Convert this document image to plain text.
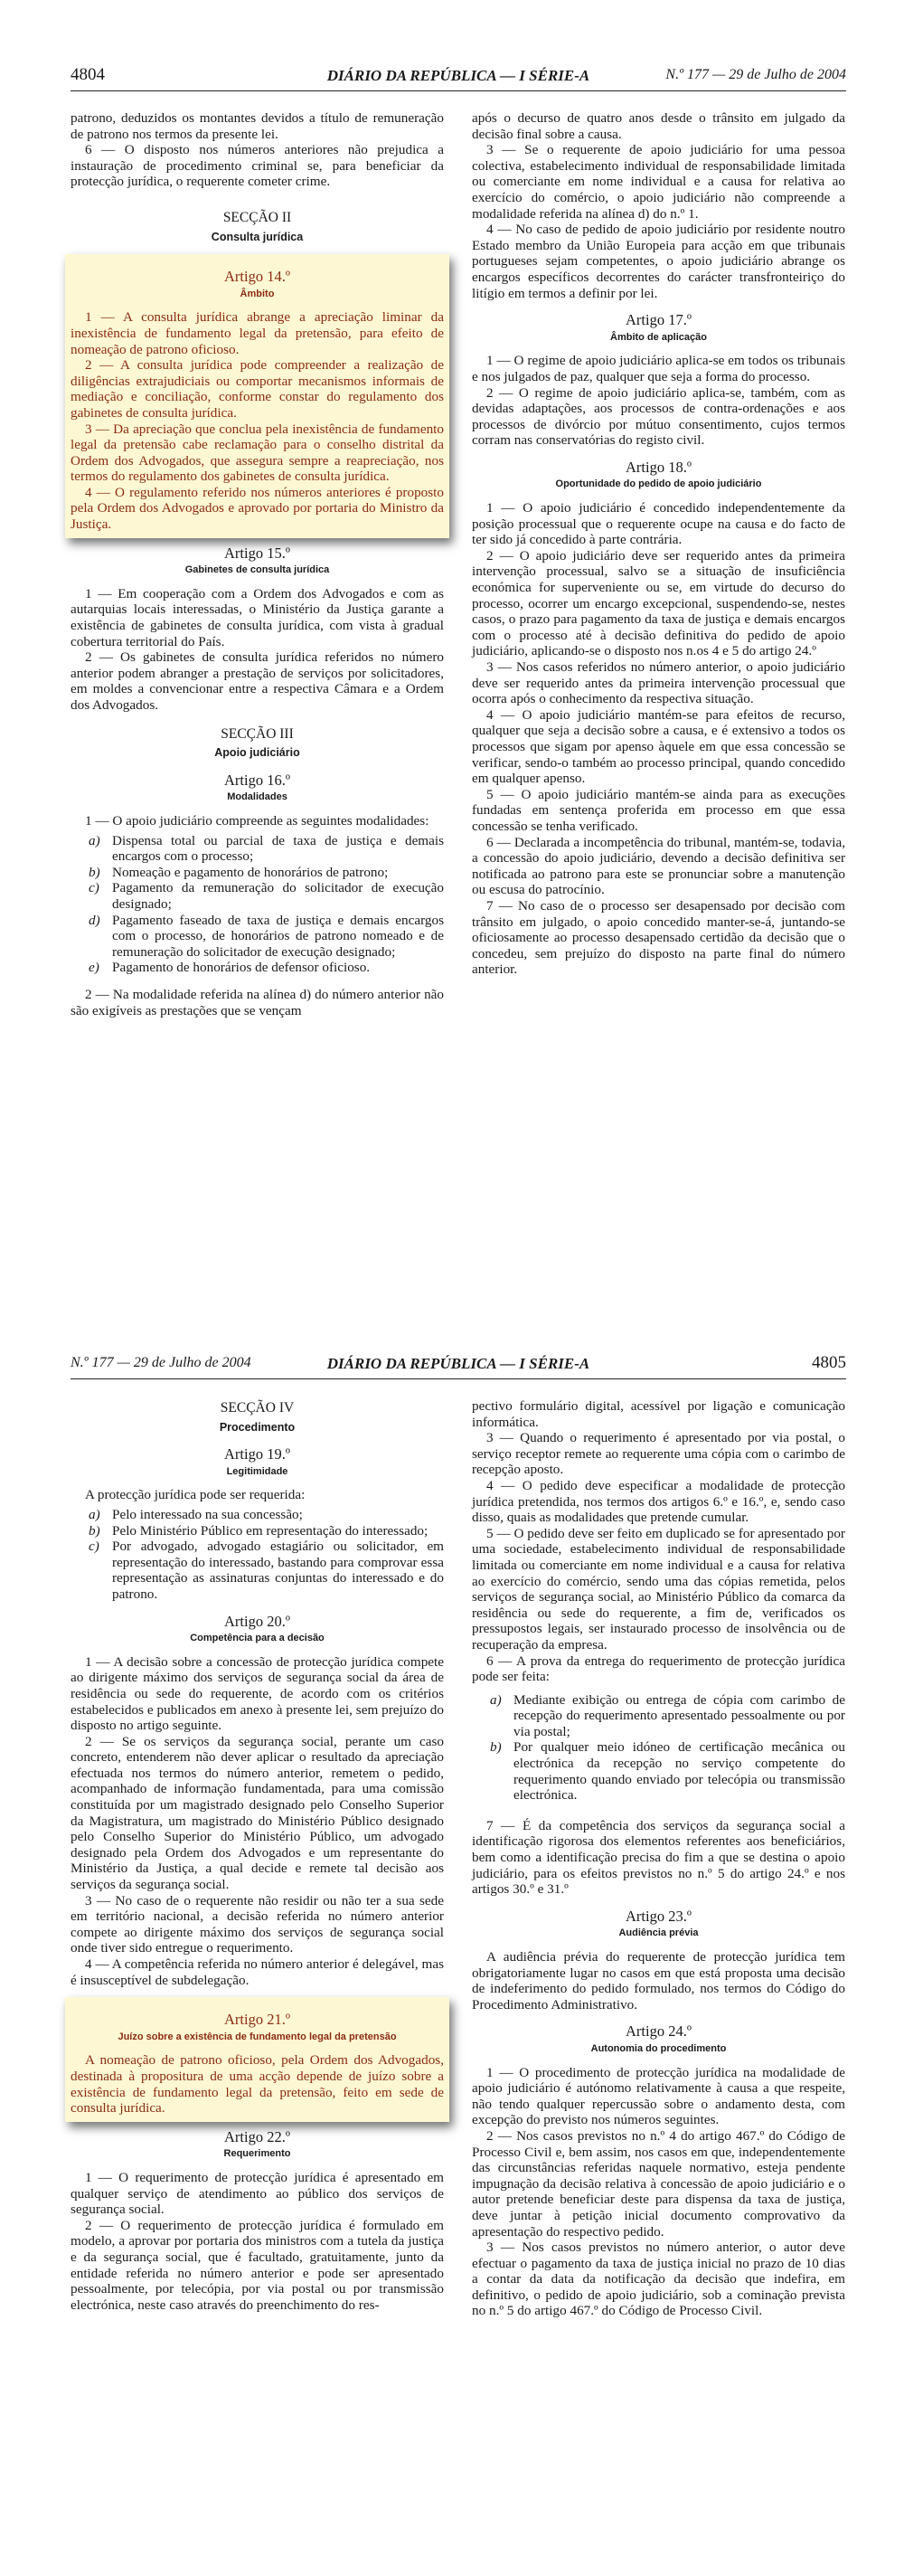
4804	DIÁRIO DA REPÚBLICA — I SÉRIE-A	N.º 177 — 29 de Julho de 2004

patrono, deduzidos os montantes devidos a título de remuneração de patrono nos termos da presente lei.

6 — O disposto nos números anteriores não prejudica a instauração de procedimento criminal se, para beneficiar da protecção jurídica, o requerente cometer crime.

SECÇÃO II
Consulta jurídica
Artigo 14.º
Âmbito

1 — A consulta jurídica abrange a apreciação liminar da inexistência de fundamento legal da pretensão, para efeito de nomeação de patrono oficioso.

2 — A consulta jurídica pode compreender a realização de diligências extrajudiciais ou comportar mecanismos informais de mediação e conciliação, conforme constar do regulamento dos gabinetes de consulta jurídica.

3 — Da apreciação que conclua pela inexistência de fundamento legal da pretensão cabe reclamação para o conselho distrital da Ordem dos Advogados, que assegura sempre a reapreciação, nos termos do regulamento dos gabinetes de consulta jurídica.

4 — O regulamento referido nos números anteriores é proposto pela Ordem dos Advogados e aprovado por portaria do Ministro da Justiça.

Artigo 15.º
Gabinetes de consulta jurídica

1 — Em cooperação com a Ordem dos Advogados e com as autarquias locais interessadas, o Ministério da Justiça garante a existência de gabinetes de consulta jurídica, com vista à gradual cobertura territorial do País.

2 — Os gabinetes de consulta jurídica referidos no número anterior podem abranger a prestação de serviços por solicitadores, em moldes a convencionar entre a respectiva Câmara e a Ordem dos Advogados.

SECÇÃO III
Apoio judiciário
Artigo 16.º
Modalidades

1 — O apoio judiciário compreende as seguintes modalidades:

a) Dispensa total ou parcial de taxa de justiça e demais encargos com o processo;
b) Nomeação e pagamento de honorários de patrono;
c) Pagamento da remuneração do solicitador de execução designado;
d) Pagamento faseado de taxa de justiça e demais encargos com o processo, de honorários de patrono nomeado e de remuneração do solicitador de execução designado;
e) Pagamento de honorários de defensor oficioso.

2 — Na modalidade referida na alínea d) do número anterior não são exigíveis as prestações que se vençam

após o decurso de quatro anos desde o trânsito em julgado da decisão final sobre a causa.

3 — Se o requerente de apoio judiciário for uma pessoa colectiva, estabelecimento individual de responsabilidade limitada ou comerciante em nome individual e a causa for relativa ao exercício do comércio, o apoio judiciário não compreende a modalidade referida na alínea d) do n.º 1.

4 — No caso de pedido de apoio judiciário por residente noutro Estado membro da União Europeia para acção em que tribunais portugueses sejam competentes, o apoio judiciário abrange os encargos específicos decorrentes do carácter transfronteiriço do litígio em termos a definir por lei.

Artigo 17.º
Âmbito de aplicação

1 — O regime de apoio judiciário aplica-se em todos os tribunais e nos julgados de paz, qualquer que seja a forma do processo.

2 — O regime de apoio judiciário aplica-se, também, com as devidas adaptações, aos processos de contra-ordenações e aos processos de divórcio por mútuo consentimento, cujos termos corram nas conservatórias do registo civil.

Artigo 18.º
Oportunidade do pedido de apoio judiciário

1 — O apoio judiciário é concedido independentemente da posição processual que o requerente ocupe na causa e do facto de ter sido já concedido à parte contrária.

2 — O apoio judiciário deve ser requerido antes da primeira intervenção processual, salvo se a situação de insuficiência económica for superveniente ou se, em virtude do decurso do processo, ocorrer um encargo excepcional, suspendendo-se, nestes casos, o prazo para pagamento da taxa de justiça e demais encargos com o processo até à decisão definitiva do pedido de apoio judiciário, aplicando-se o disposto nos n.os 4 e 5 do artigo 24.º

3 — Nos casos referidos no número anterior, o apoio judiciário deve ser requerido antes da primeira intervenção processual que ocorra após o conhecimento da respectiva situação.

4 — O apoio judiciário mantém-se para efeitos de recurso, qualquer que seja a decisão sobre a causa, e é extensivo a todos os processos que sigam por apenso àquele em que essa concessão se verificar, sendo-o também ao processo principal, quando concedido em qualquer apenso.

5 — O apoio judiciário mantém-se ainda para as execuções fundadas em sentença proferida em processo em que essa concessão se tenha verificado.

6 — Declarada a incompetência do tribunal, mantém-se, todavia, a concessão do apoio judiciário, devendo a decisão definitiva ser notificada ao patrono para este se pronunciar sobre a manutenção ou escusa do patrocínio.

7 — No caso de o processo ser desapensado por decisão com trânsito em julgado, o apoio concedido manter-se-á, juntando-se oficiosamente ao processo desapensado certidão da decisão que o concedeu, sem prejuízo do disposto na parte final do número anterior.

N.º 177 — 29 de Julho de 2004	DIÁRIO DA REPÚBLICA — I SÉRIE-A	4805
SECÇÃO IV
Procedimento
Artigo 19.º
Legitimidade

A protecção jurídica pode ser requerida:

a) Pelo interessado na sua concessão;
b) Pelo Ministério Público em representação do interessado;
c) Por advogado, advogado estagiário ou solicitador, em representação do interessado, bastando para comprovar essa representação as assinaturas conjuntas do interessado e do patrono.
Artigo 20.º
Competência para a decisão

1 — A decisão sobre a concessão de protecção jurídica compete ao dirigente máximo dos serviços de segurança social da área de residência ou sede do requerente, de acordo com os critérios estabelecidos e publicados em anexo à presente lei, sem prejuízo do disposto no artigo seguinte.

2 — Se os serviços da segurança social, perante um caso concreto, entenderem não dever aplicar o resultado da apreciação efectuada nos termos do número anterior, remetem o pedido, acompanhado de informação fundamentada, para uma comissão constituída por um magistrado designado pelo Conselho Superior da Magistratura, um magistrado do Ministério Público designado pelo Conselho Superior do Ministério Público, um advogado designado pela Ordem dos Advogados e um representante do Ministério da Justiça, a qual decide e remete tal decisão aos serviços da segurança social.

3 — No caso de o requerente não residir ou não ter a sua sede em território nacional, a decisão referida no número anterior compete ao dirigente máximo dos serviços de segurança social onde tiver sido entregue o requerimento.

4 — A competência referida no número anterior é delegável, mas é insusceptível de subdelegação.

Artigo 21.º
Juízo sobre a existência de fundamento legal da pretensão

A nomeação de patrono oficioso, pela Ordem dos Advogados, destinada à propositura de uma acção depende de juízo sobre a existência de fundamento legal da pretensão, feito em sede de consulta jurídica.

Artigo 22.º
Requerimento

1 — O requerimento de protecção jurídica é apresentado em qualquer serviço de atendimento ao público dos serviços de segurança social.

2 — O requerimento de protecção jurídica é formulado em modelo, a aprovar por portaria dos ministros com a tutela da justiça e da segurança social, que é facultado, gratuitamente, junto da entidade referida no número anterior e pode ser apresentado pessoalmente, por telecópia, por via postal ou por transmissão electrónica, neste caso através do preenchimento do res-

pectivo formulário digital, acessível por ligação e comunicação informática.

3 — Quando o requerimento é apresentado por via postal, o serviço receptor remete ao requerente uma cópia com o carimbo de recepção aposto.

4 — O pedido deve especificar a modalidade de protecção jurídica pretendida, nos termos dos artigos 6.º e 16.º, e, sendo caso disso, quais as modalidades que pretende cumular.

5 — O pedido deve ser feito em duplicado se for apresentado por uma sociedade, estabelecimento individual de responsabilidade limitada ou comerciante em nome individual e a causa for relativa ao exercício do comércio, sendo uma das cópias remetida, pelos serviços de segurança social, ao Ministério Público da comarca da residência ou sede do requerente, a fim de, verificados os pressupostos legais, ser instaurado processo de insolvência ou de recuperação da empresa.

6 — A prova da entrega do requerimento de protecção jurídica pode ser feita:

a) Mediante exibição ou entrega de cópia com carimbo de recepção do requerimento apresentado pessoalmente ou por via postal;
b) Por qualquer meio idóneo de certificação mecânica ou electrónica da recepção no serviço competente do requerimento quando enviado por telecópia ou transmissão electrónica.

7 — É da competência dos serviços da segurança social a identificação rigorosa dos elementos referentes aos beneficiários, bem como a identificação precisa do fim a que se destina o apoio judiciário, para os efeitos previstos no n.º 5 do artigo 24.º e nos artigos 30.º e 31.º

Artigo 23.º
Audiência prévia

A audiência prévia do requerente de protecção jurídica tem obrigatoriamente lugar no casos em que está proposta uma decisão de indeferimento do pedido formulado, nos termos do Código do Procedimento Administrativo.

Artigo 24.º
Autonomia do procedimento

1 — O procedimento de protecção jurídica na modalidade de apoio judiciário é autónomo relativamente à causa a que respeite, não tendo qualquer repercussão sobre o andamento desta, com excepção do previsto nos números seguintes.

2 — Nos casos previstos no n.º 4 do artigo 467.º do Código de Processo Civil e, bem assim, nos casos em que, independentemente das circunstâncias referidas naquele normativo, esteja pendente impugnação da decisão relativa à concessão de apoio judiciário e o autor pretende beneficiar deste para dispensa da taxa de justiça, deve juntar à petição inicial documento comprovativo da apresentação do respectivo pedido.

3 — Nos casos previstos no número anterior, o autor deve efectuar o pagamento da taxa de justiça inicial no prazo de 10 dias a contar da data da notificação da decisão que indefira, em definitivo, o pedido de apoio judiciário, sob a cominação prevista no n.º 5 do artigo 467.º do Código de Processo Civil.
